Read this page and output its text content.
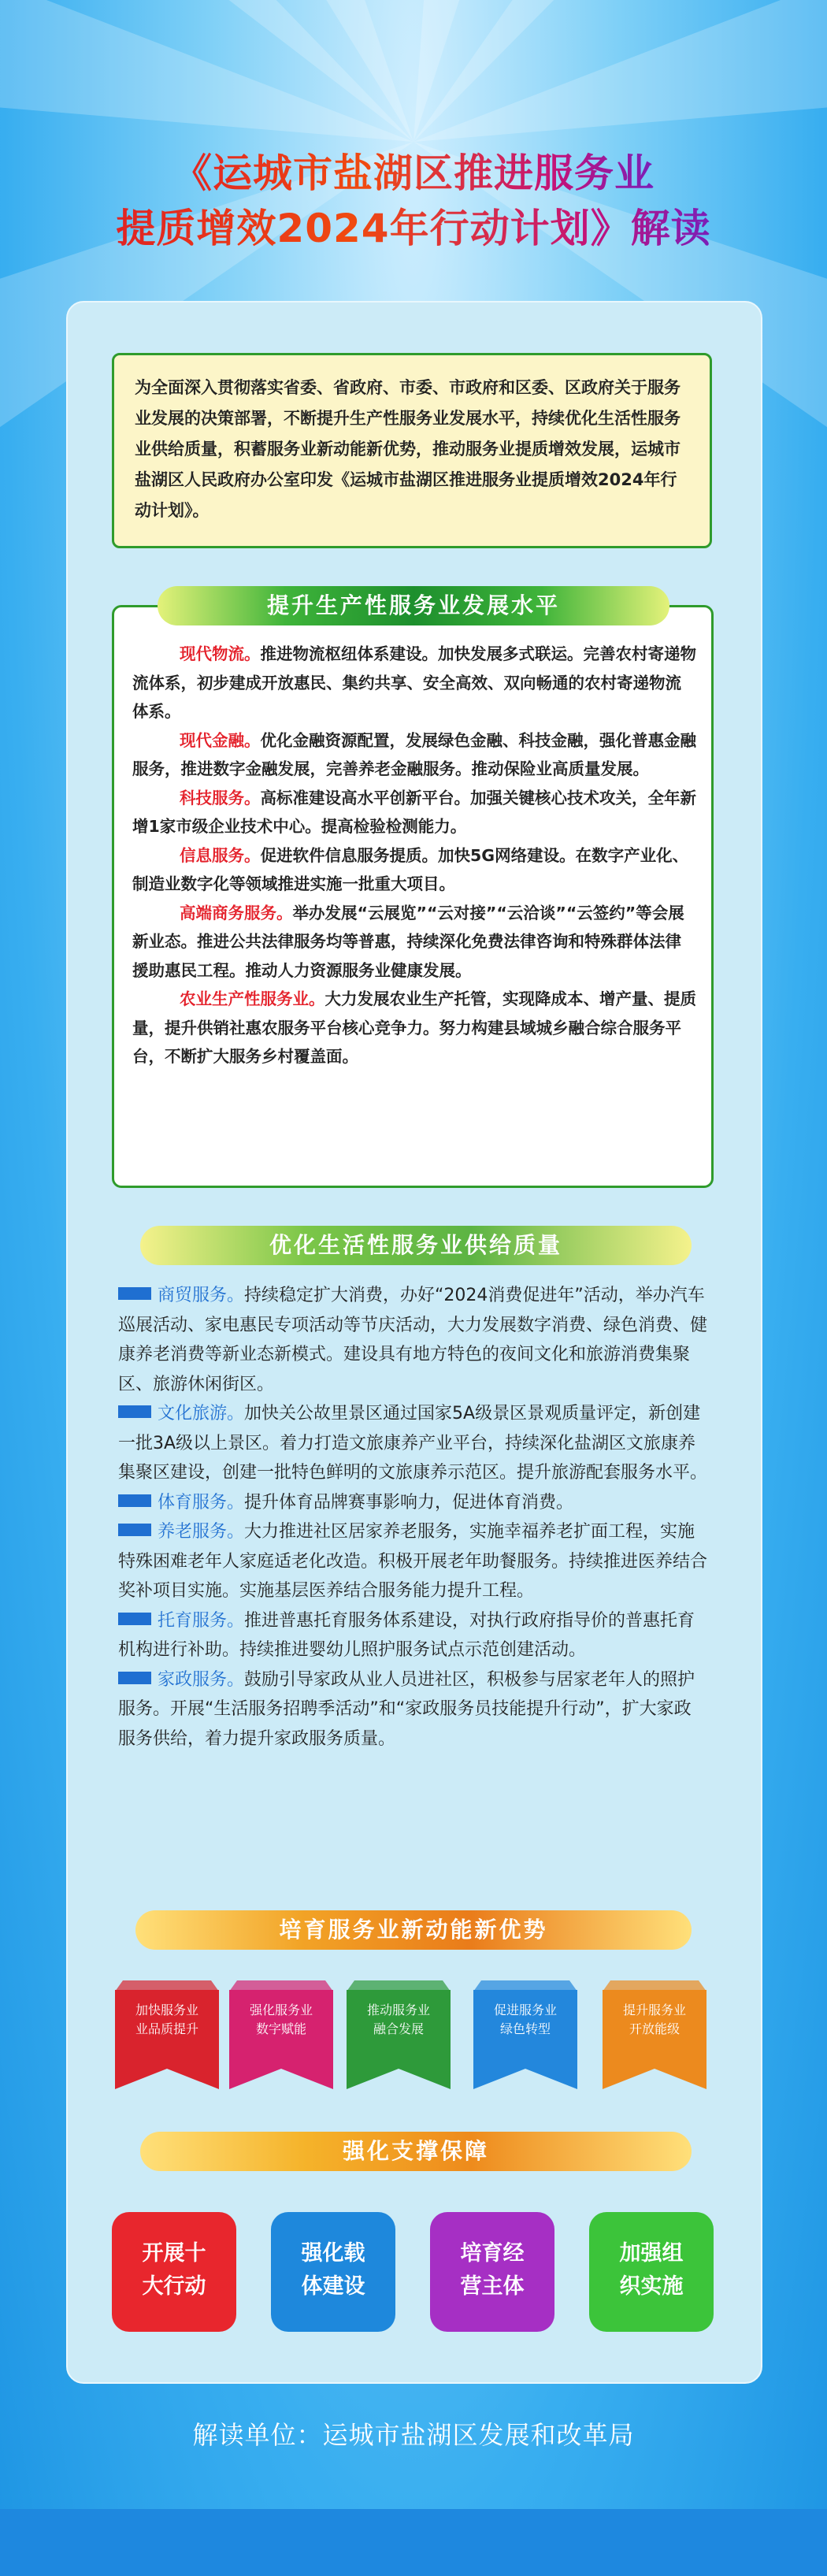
《运城市盐湖区推进服务业
提质增效2024年行动计划》解读
为全面深入贯彻落实省委、省政府、市委、市政府和区委、区政府关于服务业发展的决策部署，不断提升生产性服务业发展水平，持续优化生活性服务业供给质量，积蓄服务业新动能新优势，推动服务业提质增效发展，运城市盐湖区人民政府办公室印发《运城市盐湖区推进服务业提质增效2024年行动计划》。
提升生产性服务业发展水平

现代物流。推进物流枢纽体系建设。加快发展多式联运。完善农村寄递物流体系，初步建成开放惠民、集约共享、安全高效、双向畅通的农村寄递物流体系。

现代金融。优化金融资源配置，发展绿色金融、科技金融，强化普惠金融服务，推进数字金融发展，完善养老金融服务。推动保险业高质量发展。

科技服务。高标准建设高水平创新平台。加强关键核心技术攻关，全年新增1家市级企业技术中心。提高检验检测能力。

信息服务。促进软件信息服务提质。加快5G网络建设。在数字产业化、制造业数字化等领域推进实施一批重大项目。

高端商务服务。举办发展“云展览”“云对接”“云洽谈”“云签约”等会展新业态。推进公共法律服务均等普惠，持续深化免费法律咨询和特殊群体法律援助惠民工程。推动人力资源服务业健康发展。

农业生产性服务业。大力发展农业生产托管，实现降成本、增产量、提质量，提升供销社惠农服务平台核心竞争力。努力构建县域城乡融合综合服务平台，不断扩大服务乡村覆盖面。

优化生活性服务业供给质量

商贸服务。持续稳定扩大消费，办好“2024消费促进年”活动，举办汽车巡展活动、家电惠民专项活动等节庆活动，大力发展数字消费、绿色消费、健康养老消费等新业态新模式。建设具有地方特色的夜间文化和旅游消费集聚区、旅游休闲街区。

文化旅游。加快关公故里景区通过国家5A级景区景观质量评定，新创建一批3A级以上景区。着力打造文旅康养产业平台，持续深化盐湖区文旅康养集聚区建设，创建一批特色鲜明的文旅康养示范区。提升旅游配套服务水平。

体育服务。提升体育品牌赛事影响力，促进体育消费。

养老服务。大力推进社区居家养老服务，实施幸福养老扩面工程，实施特殊困难老年人家庭适老化改造。积极开展老年助餐服务。持续推进医养结合奖补项目实施。实施基层医养结合服务能力提升工程。

托育服务。推进普惠托育服务体系建设，对执行政府指导价的普惠托育机构进行补助。持续推进婴幼儿照护服务试点示范创建活动。

家政服务。鼓励引导家政从业人员进社区，积极参与居家老年人的照护服务。开展“生活服务招聘季活动”和“家政服务员技能提升行动”，扩大家政服务供给，着力提升家政服务质量。

培育服务业新动能新优势
加快服务业
业品质提升
强化服务业
数字赋能
推动服务业
融合发展
促进服务业
绿色转型
提升服务业
开放能级
强化支撑保障
开展十
大行动
强化载
体建设
培育经
营主体
加强组
织实施
解读单位：运城市盐湖区发展和改革局
